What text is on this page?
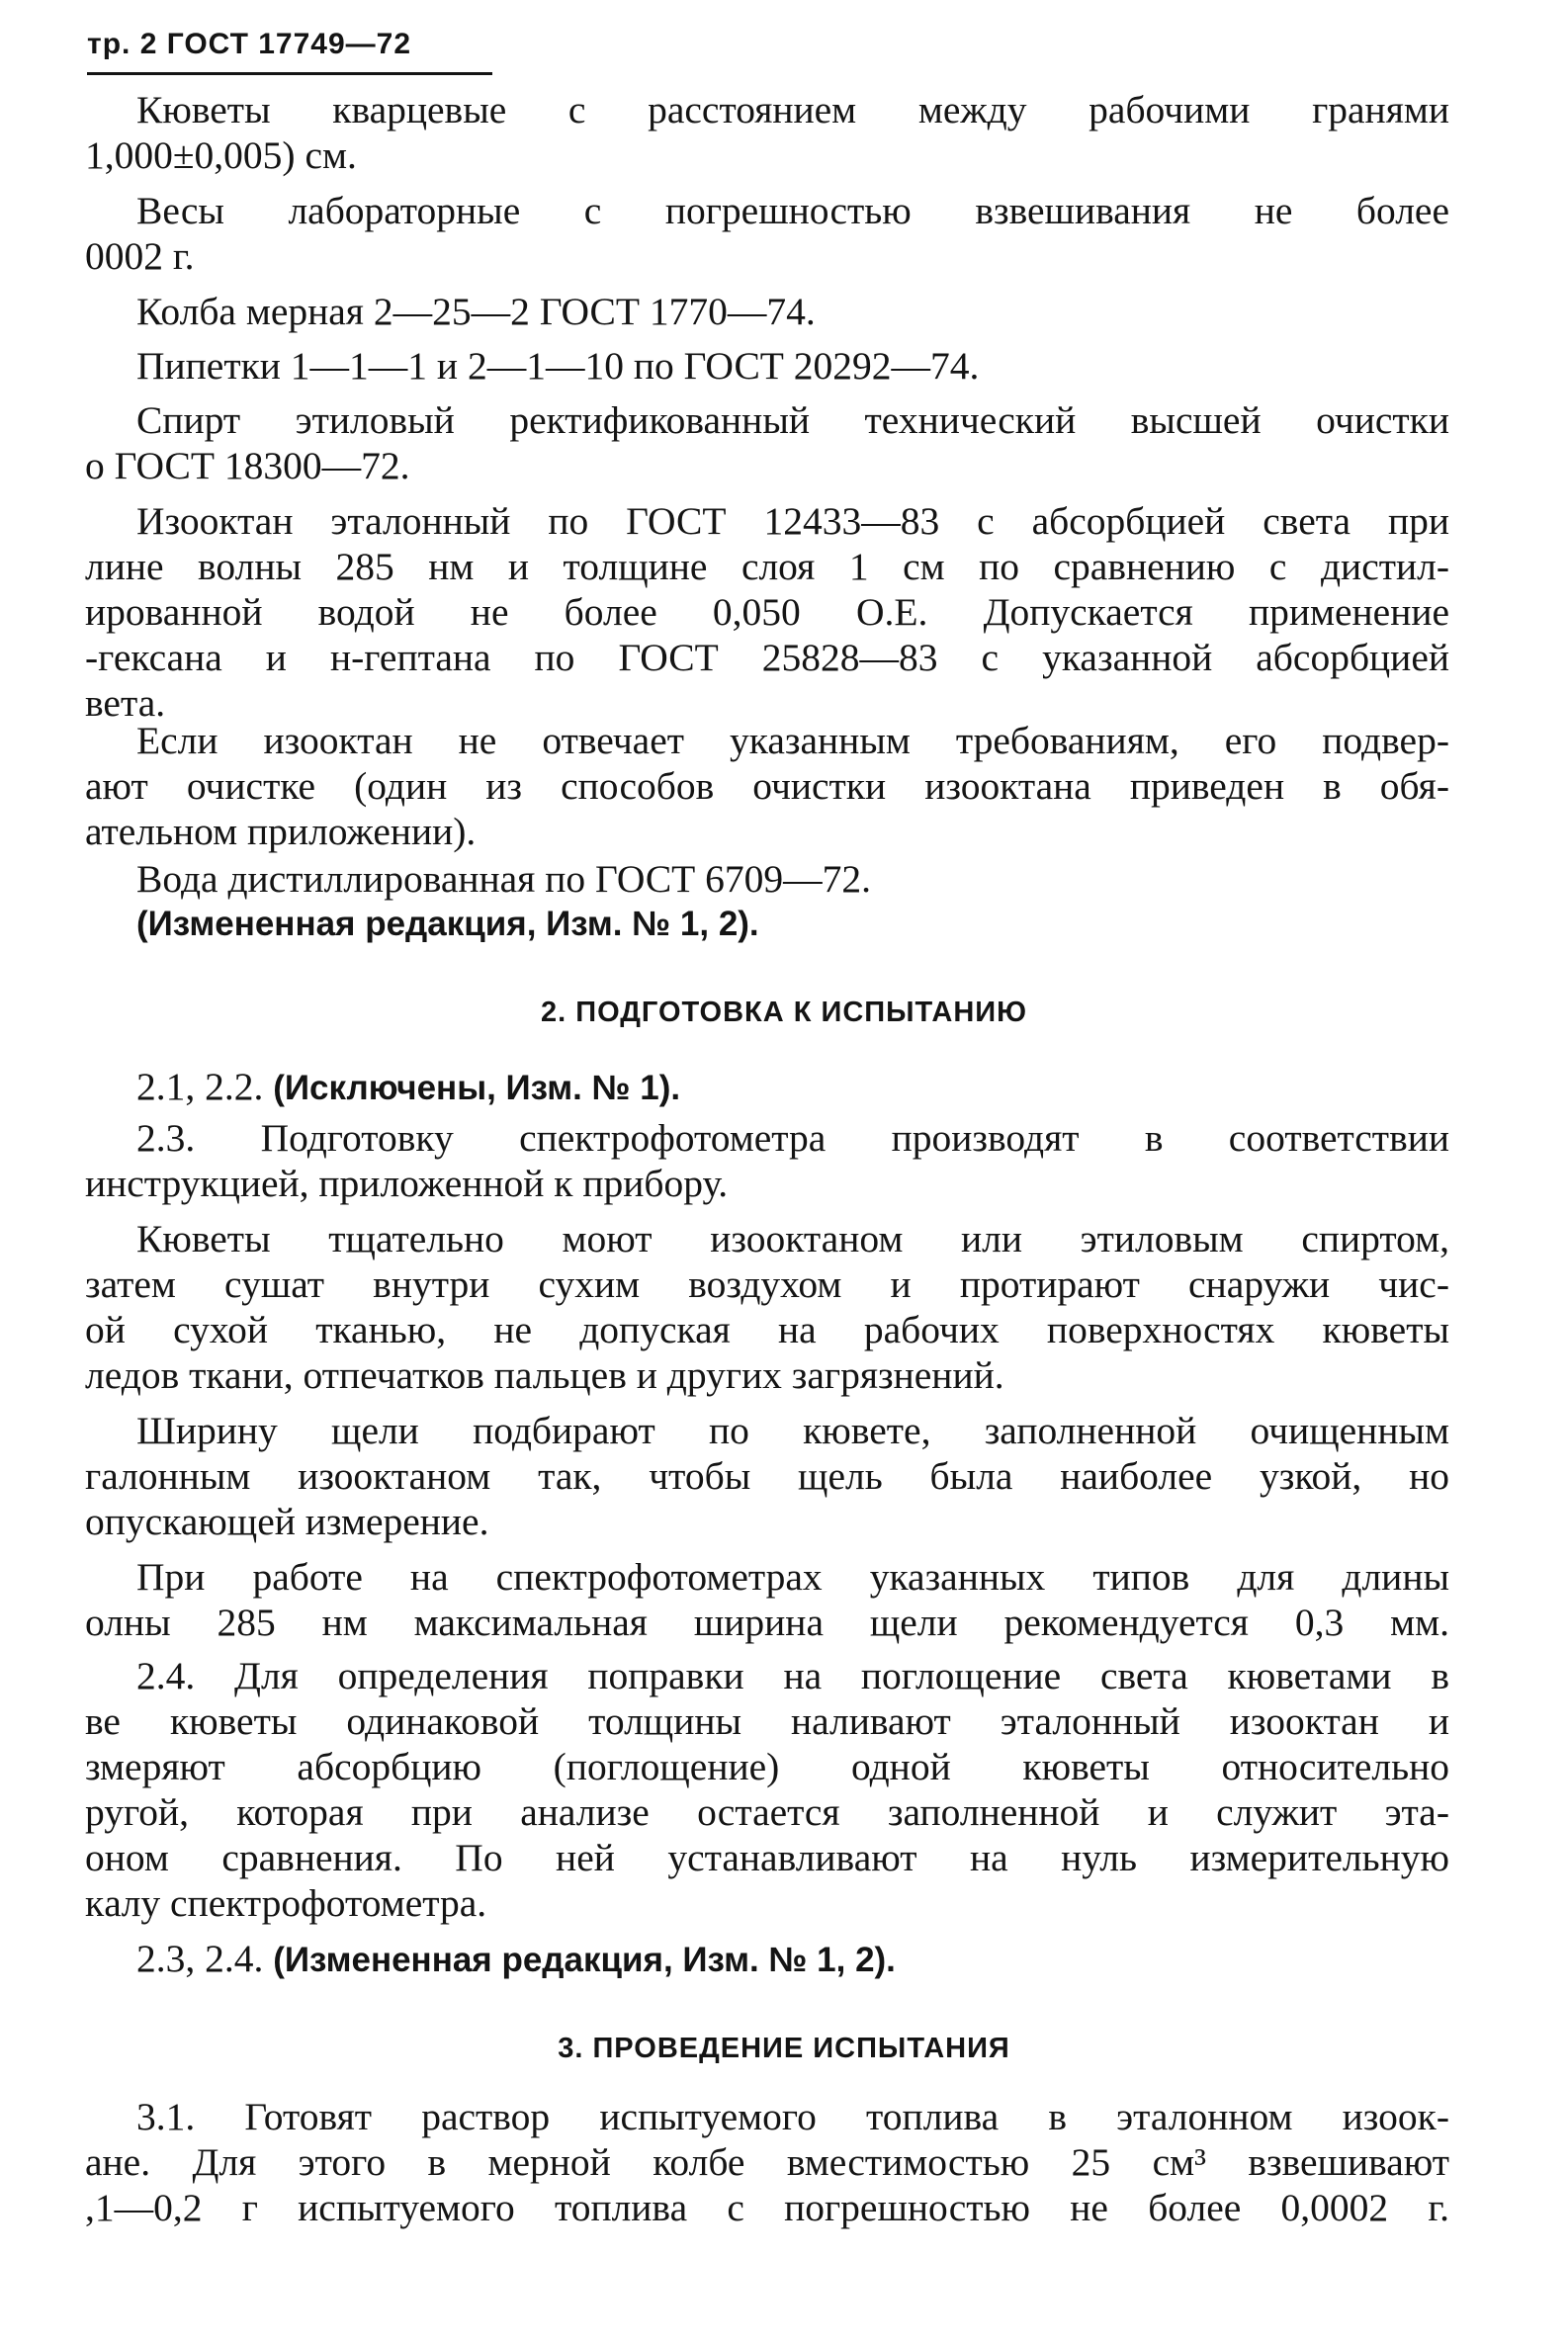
тр. 2 ГОСТ 17749—72
Кюветы кварцевые с расстоянием между рабочими гранями
1,000±0,005) см.
Весы лабораторные с погрешностью взвешивания не более
0002 г.
Колба мерная 2—25—2 ГОСТ 1770—74.
Пипетки 1—1—1 и 2—1—10 по ГОСТ 20292—74.
Спирт этиловый ректификованный технический высшей очистки
о ГОСТ 18300—72.
Изооктан эталонный по ГОСТ 12433—83 с абсорбцией света при
лине волны 285 нм и толщине слоя 1 см по сравнению с дистил-
ированной водой не более 0,050 О.Е. Допускается применение
-гексана и н-гептана по ГОСТ 25828—83 с указанной абсорбцией
вета.
Если изооктан не отвечает указанным требованиям, его подвер-
ают очистке (один из способов очистки изооктана приведен в обя-
ательном приложении).
Вода дистиллированная по ГОСТ 6709—72.
(Измененная редакция, Изм. № 1, 2).
2. ПОДГОТОВКА К ИСПЫТАНИЮ
2.1, 2.2. (Исключены, Изм. № 1).
2.3. Подготовку спектрофотометра производят в соответствии
инструкцией, приложенной к прибору.
Кюветы тщательно моют изооктаном или этиловым спиртом,
затем сушат внутри сухим воздухом и протирают снаружи чис-
ой сухой тканью, не допуская на рабочих поверхностях кюветы
ледов ткани, отпечатков пальцев и других загрязнений.
Ширину щели подбирают по кювете, заполненной очищенным
галонным изооктаном так, чтобы щель была наиболее узкой, но
опускающей измерение.
При работе на спектрофотометрах указанных типов для длины
олны 285 нм максимальная ширина щели рекомендуется 0,3 мм.
2.4. Для определения поправки на поглощение света кюветами в
ве кюветы одинаковой толщины наливают эталонный изооктан и
змеряют абсорбцию (поглощение) одной кюветы относительно
ругой, которая при анализе остается заполненной и служит эта-
оном сравнения. По ней устанавливают на нуль измерительную
кaлу спектрофотометра.
2.3, 2.4. (Измененная редакция, Изм. № 1, 2).
3. ПРОВЕДЕНИЕ ИСПЫТАНИЯ
3.1. Готовят раствор испытуемого топлива в эталонном изоок-
ане. Для этого в мерной колбе вместимостью 25 см³ взвешивают
,1—0,2 г испытуемого топлива с погрешностью не более 0,0002 г.
